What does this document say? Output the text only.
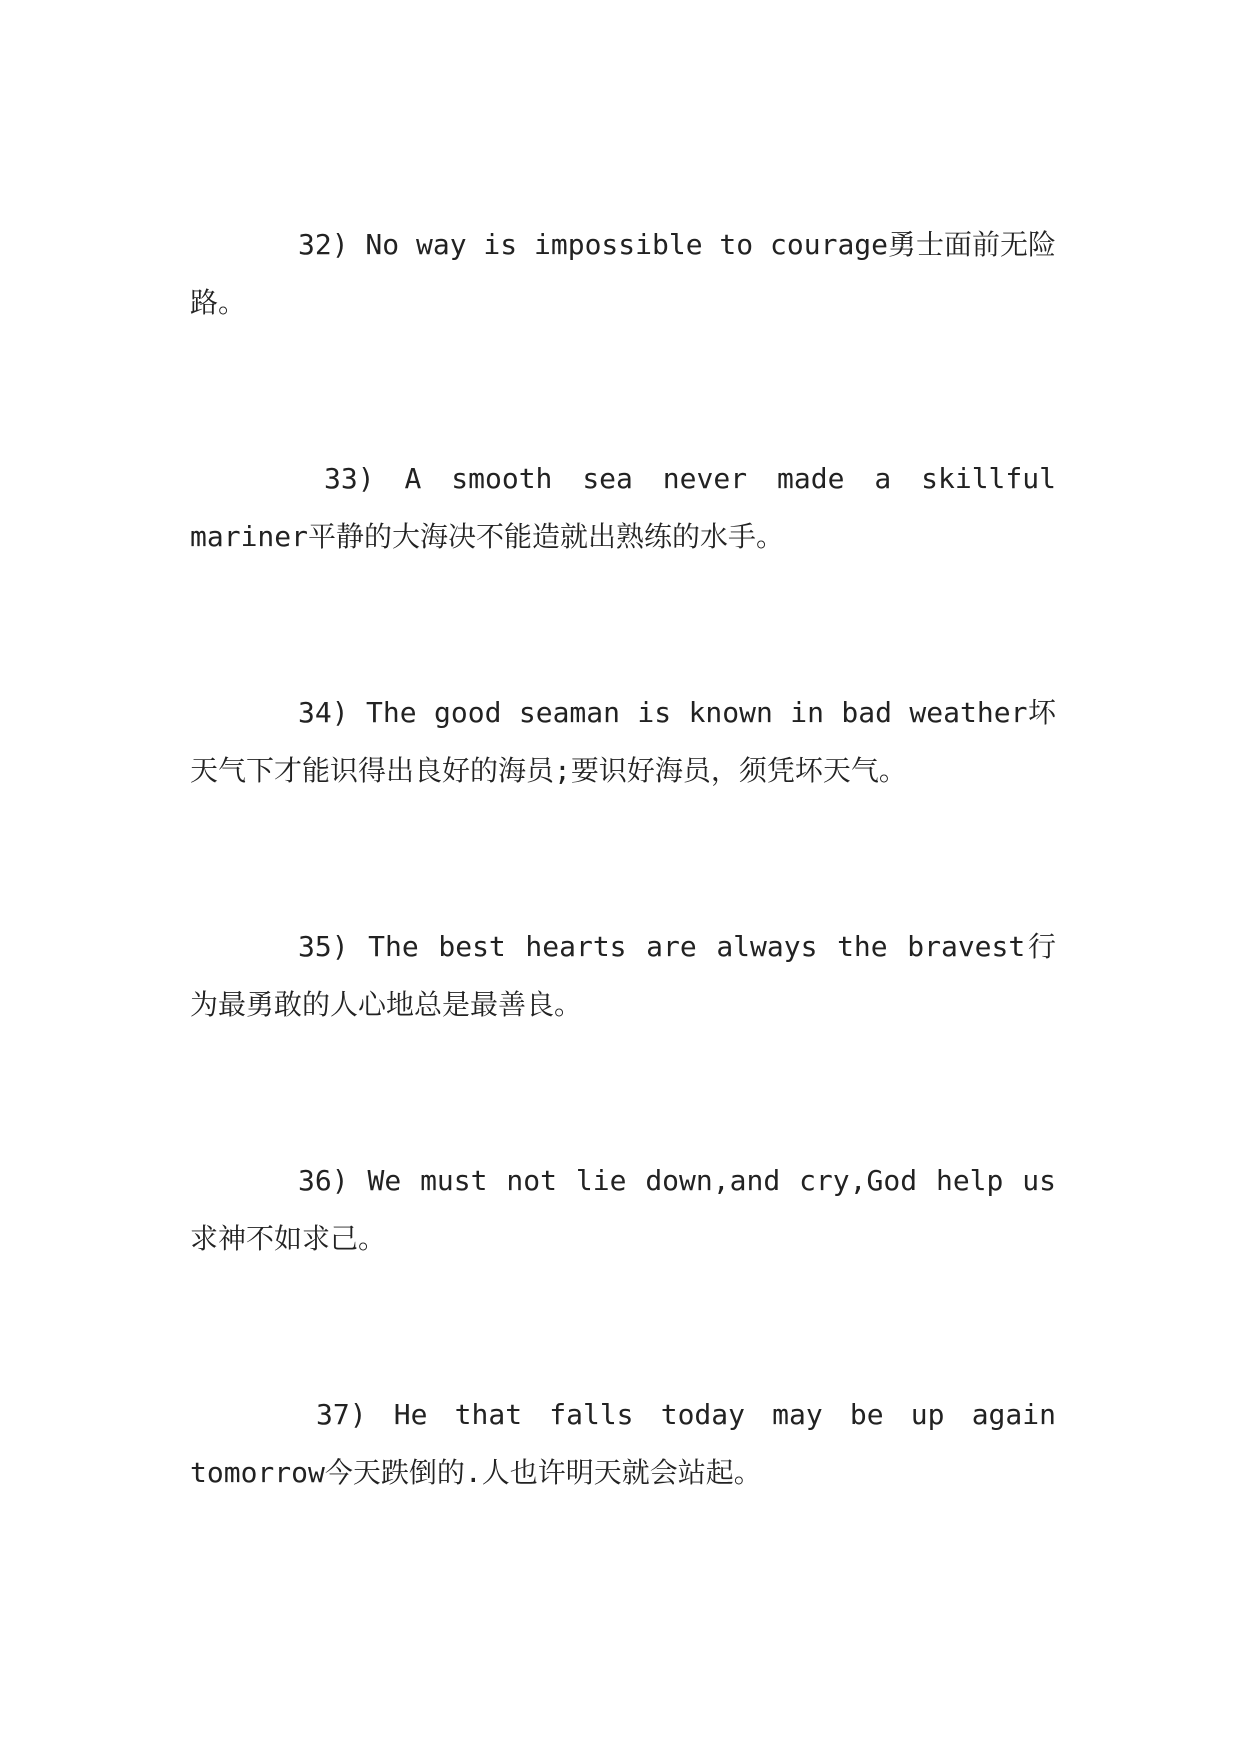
32) No way is impossible to courage勇士面前无险路。

33) A smooth sea never made a skillful mariner平静的大海决不能造就出熟练的水手。

34) The good seaman is known in bad weather坏天气下才能识得出良好的海员;要识好海员，须凭坏天气。

35) The best hearts are always the bravest行为最勇敢的人心地总是最善良。

36) We must not lie down,and cry,God help us求神不如求己。

37) He that falls today may be up again tomorrow今天跌倒的.人也许明天就会站起。
